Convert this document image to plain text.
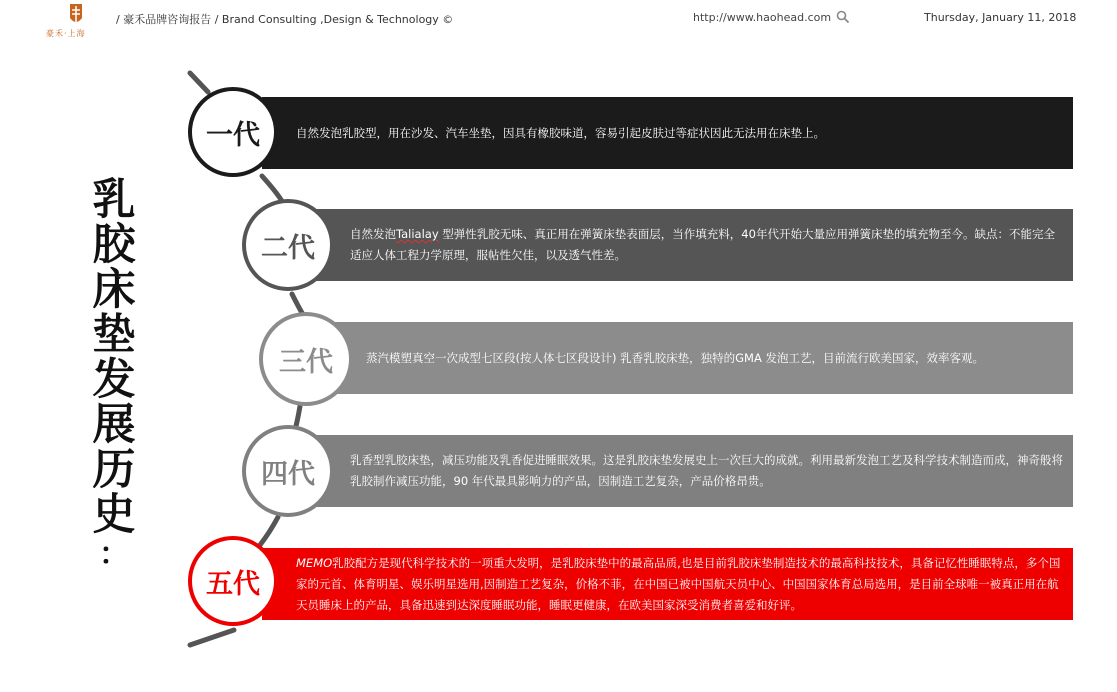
豪禾·上海
/ 豪禾品牌咨询报告 / Brand Consulting ,Design & Technology ©	http://www.haohead.com	Thursday, January 11, 2018
乳
胶
床
垫
发
展
历
史
：

自然发泡乳胶型，用在沙发、汽车坐垫，因具有橡胶味道，容易引起皮肤过等症状因此无法用在床垫上。

一代

自然发泡Talialay 型弹性乳胶无味、真正用在弹簧床垫表面层，当作填充料，40年代开始大量应用弹簧床垫的填充物至今。缺点：不能完全适应人体工程力学原理，服帖性欠佳，以及透气性差。

二代

蒸汽模塑真空一次成型七区段(按人体七区段设计) 乳香乳胶床垫，独特的GMA 发泡工艺，目前流行欧美国家，效率客观。

三代

乳香型乳胶床垫，减压功能及乳香促进睡眠效果。这是乳胶床垫发展史上一次巨大的成就。利用最新发泡工艺及科学技术制造而成，神奇般将乳胶制作减压功能，90 年代最具影响力的产品，因制造工艺复杂，产品价格昂贵。

四代

MEMO乳胶配方是现代科学技术的一项重大发明，是乳胶床垫中的最高品质,也是目前乳胶床垫制造技术的最高科技技术，具备记忆性睡眠特点，多个国家的元首、体育明星、娱乐明星选用,因制造工艺复杂，价格不菲，在中国已被中国航天员中心、中国国家体育总局选用，是目前全球唯一被真正用在航天员睡床上的产品，具备迅速到达深度睡眠功能，睡眠更健康，在欧美国家深受消费者喜爱和好评。

五代
